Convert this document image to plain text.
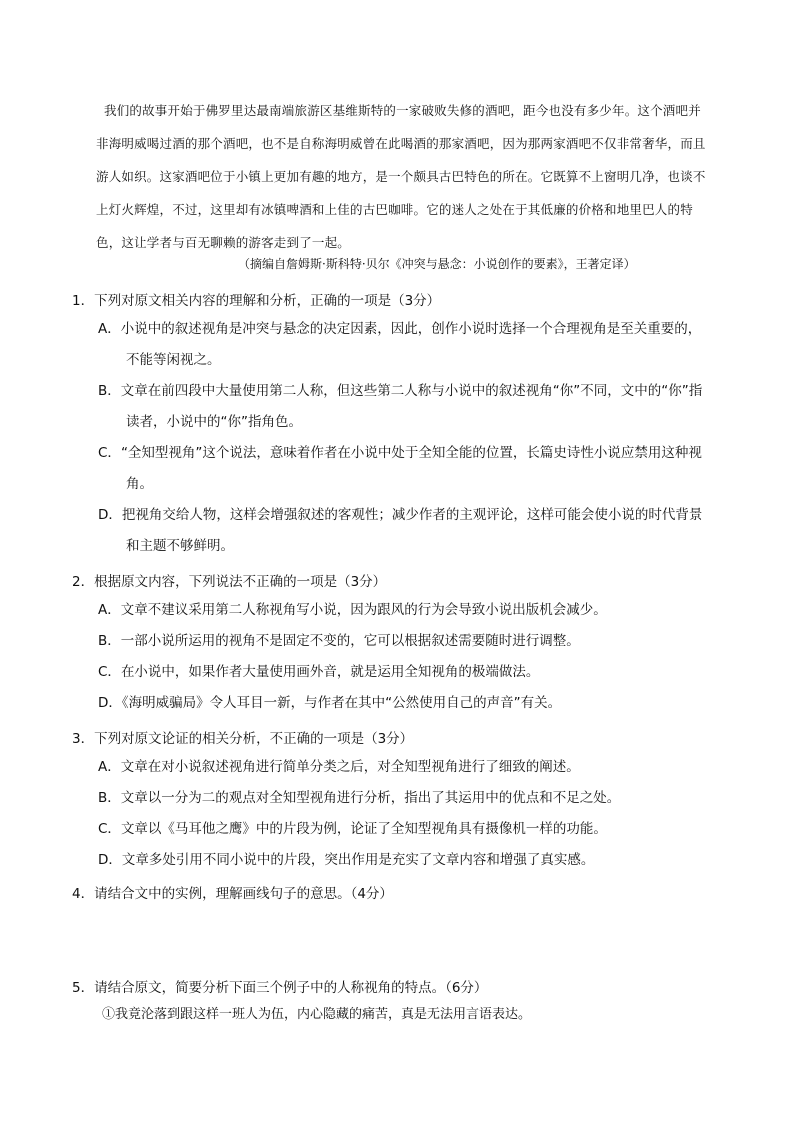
我们的故事开始于佛罗里达最南端旅游区基维斯特的一家破败失修的酒吧，距今也没有多少年。这个酒吧并非海明威喝过酒的那个酒吧，也不是自称海明威曾在此喝酒的那家酒吧，因为那两家酒吧不仅非常奢华，而且游人如织。这家酒吧位于小镇上更加有趣的地方，是一个颇具古巴特色的所在。它既算不上窗明几净，也谈不上灯火辉煌，不过，这里却有冰镇啤酒和上佳的古巴咖啡。它的迷人之处在于其低廉的价格和地里巴人的特色，这让学者与百无聊赖的游客走到了一起。

（摘编自詹姆斯·斯科特·贝尔《冲突与悬念：小说创作的要素》，王著定译）
1．下列对原文相关内容的理解和分析，正确的一项是（3分）
A．小说中的叙述视角是冲突与悬念的决定因素，因此，创作小说时选择一个合理视角是至关重要的，
不能等闲视之。
B．文章在前四段中大量使用第二人称，但这些第二人称与小说中的叙述视角“你”不同，文中的“你”指
读者，小说中的“你”指角色。
C．“全知型视角”这个说法，意味着作者在小说中处于全知全能的位置，长篇史诗性小说应禁用这种视
角。
D．把视角交给人物，这样会增强叙述的客观性；减少作者的主观评论，这样可能会使小说的时代背景
和主题不够鲜明。
2．根据原文内容，下列说法不正确的一项是（3分）
A．文章不建议采用第二人称视角写小说，因为跟风的行为会导致小说出版机会减少。
B．一部小说所运用的视角不是固定不变的，它可以根据叙述需要随时进行调整。
C．在小说中，如果作者大量使用画外音，就是运用全知视角的极端做法。
D．《海明威骗局》令人耳目一新，与作者在其中“公然使用自己的声音”有关。
3．下列对原文论证的相关分析，不正确的一项是（3分）
A．文章在对小说叙述视角进行简单分类之后，对全知型视角进行了细致的阐述。
B．文章以一分为二的观点对全知型视角进行分析，指出了其运用中的优点和不足之处。
C．文章以《马耳他之鹰》中的片段为例，论证了全知型视角具有摄像机一样的功能。
D．文章多处引用不同小说中的片段，突出作用是充实了文章内容和增强了真实感。
4．请结合文中的实例，理解画线句子的意思。（4分）
5．请结合原文，简要分析下面三个例子中的人称视角的特点。（6分）
①我竟沦落到跟这样一班人为伍，内心隐藏的痛苦，真是无法用言语表达。
